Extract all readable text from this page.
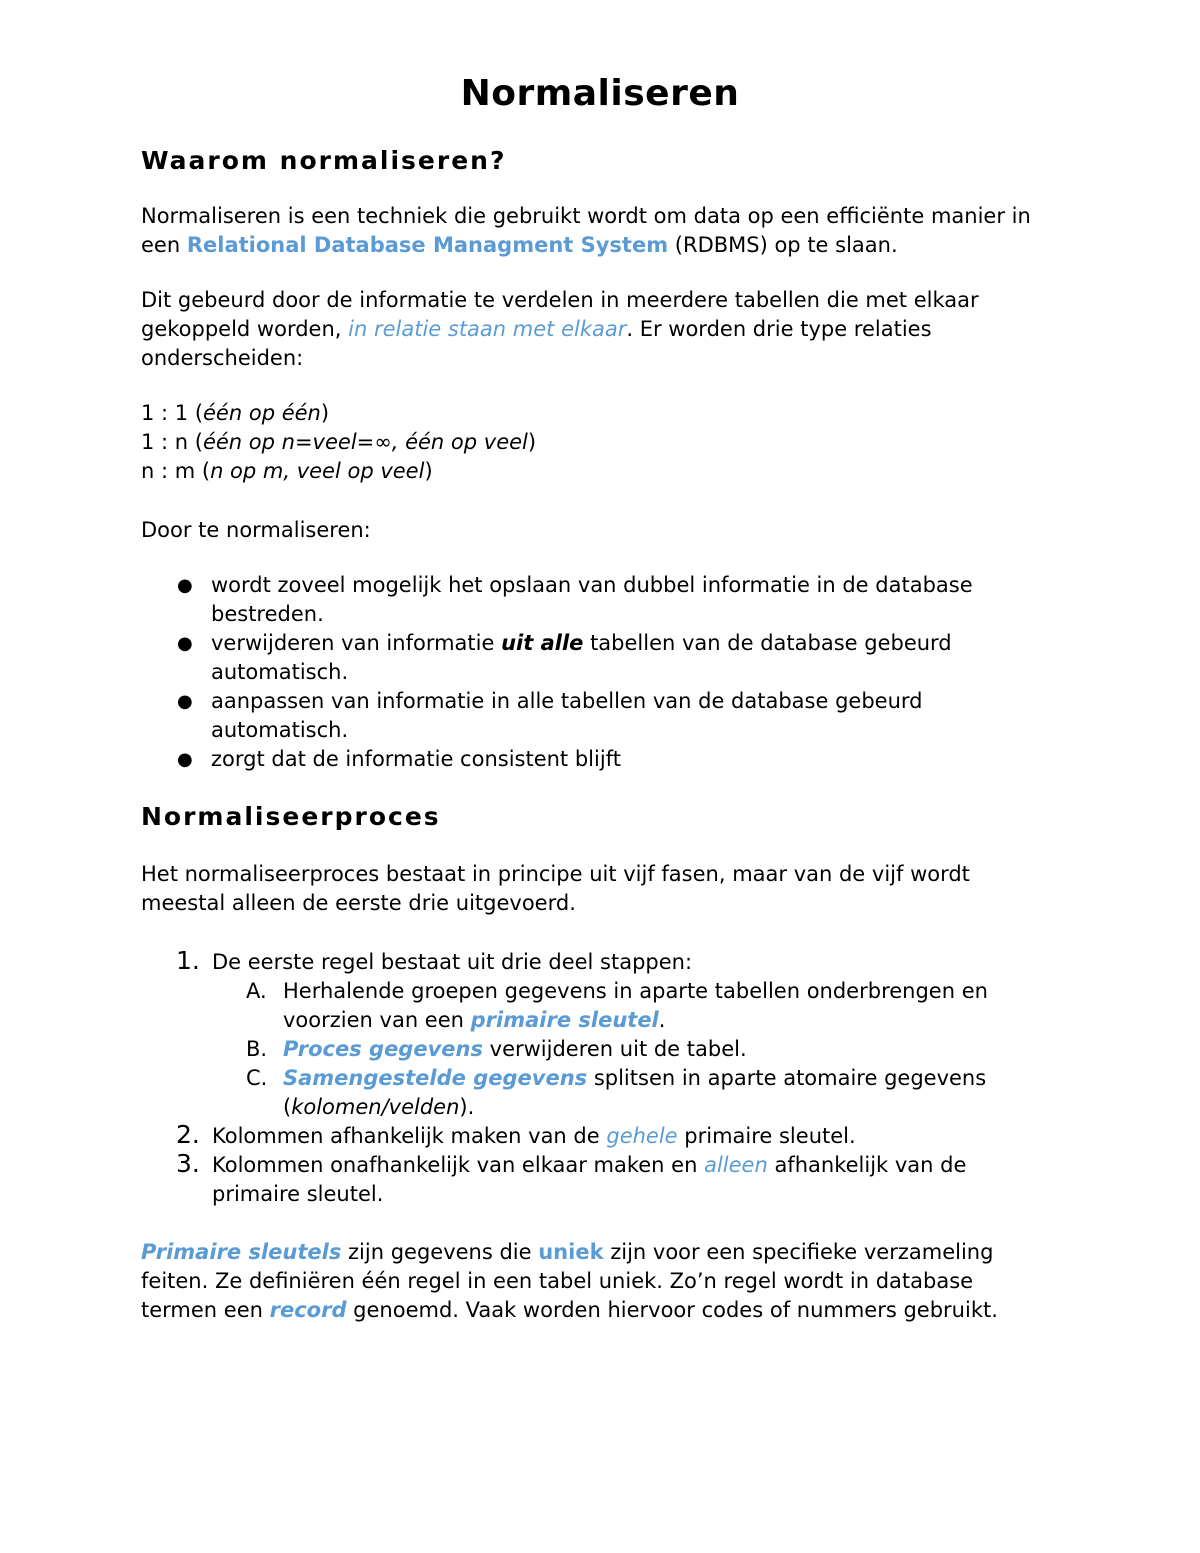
Normaliseren
Waarom normaliseren?

Normaliseren is een techniek die gebruikt wordt om data op een efficiënte manier in een Relational Database Managment System (RDBMS) op te slaan.

Dit gebeurd door de informatie te verdelen in meerdere tabellen die met elkaar gekoppeld worden, in relatie staan met elkaar. Er worden drie type relaties onderscheiden:

1 : 1 (één op één)
1 : n (één op n=veel=∞, één op veel)
n : m (n op m, veel op veel)

Door te normaliseren:

● wordt zoveel mogelijk het opslaan van dubbel informatie in de database bestreden.
● verwijderen van informatie uit alle tabellen van de database gebeurd automatisch.
● aanpassen van informatie in alle tabellen van de database gebeurd automatisch.
● zorgt dat de informatie consistent blijft
Normaliseerproces

Het normaliseerproces bestaat in principe uit vijf fasen, maar van de vijf wordt meestal alleen de eerste drie uitgevoerd.

1. De eerste regel bestaat uit drie deel stappen:
A. Herhalende groepen gegevens in aparte tabellen onderbrengen en voorzien van een primaire sleutel.
B. Proces gegevens verwijderen uit de tabel.
C. Samengestelde gegevens splitsen in aparte atomaire gegevens (kolomen/velden).
2. Kolommen afhankelijk maken van de gehele primaire sleutel.
3. Kolommen onafhankelijk van elkaar maken en alleen afhankelijk van de primaire sleutel.

Primaire sleutels zijn gegevens die uniek zijn voor een specifieke verzameling feiten. Ze definiëren één regel in een tabel uniek. Zo’n regel wordt in database termen een record genoemd. Vaak worden hiervoor codes of nummers gebruikt.
